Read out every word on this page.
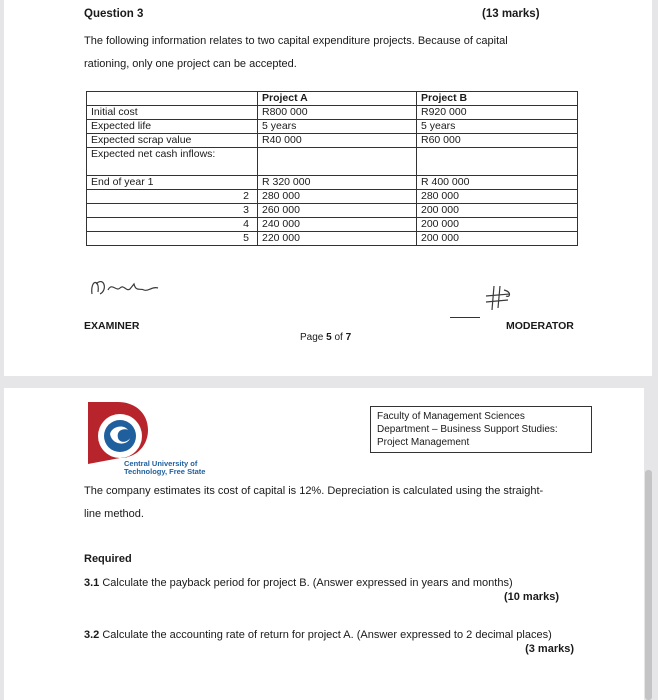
Question 3	(13 marks)
The following information relates to two capital expenditure projects. Because of capital rationing, only one project can be accepted.
	Project A	Project B
Initial cost	R800 000	R920 000
Expected life	5 years	5 years
Expected scrap value	R40 000	R60 000
Expected net cash inflows:		
End of year 1	R 320 000	R 400 000
2	280 000	280 000
3	260 000	200 000
4	240 000	200 000
5	220 000	200 000
EXAMINER	MODERATOR
Page 5 of 7
Central University of
Technology, Free State
Faculty of Management Sciences
Department – Business Support Studies:
Project Management
The company estimates its cost of capital is 12%. Depreciation is calculated using the straight-line method.
Required
3.1 Calculate the payback period for project B. (Answer expressed in years and months)
(10 marks)
3.2 Calculate the accounting rate of return for project A. (Answer expressed to 2 decimal places)
(3 marks)
